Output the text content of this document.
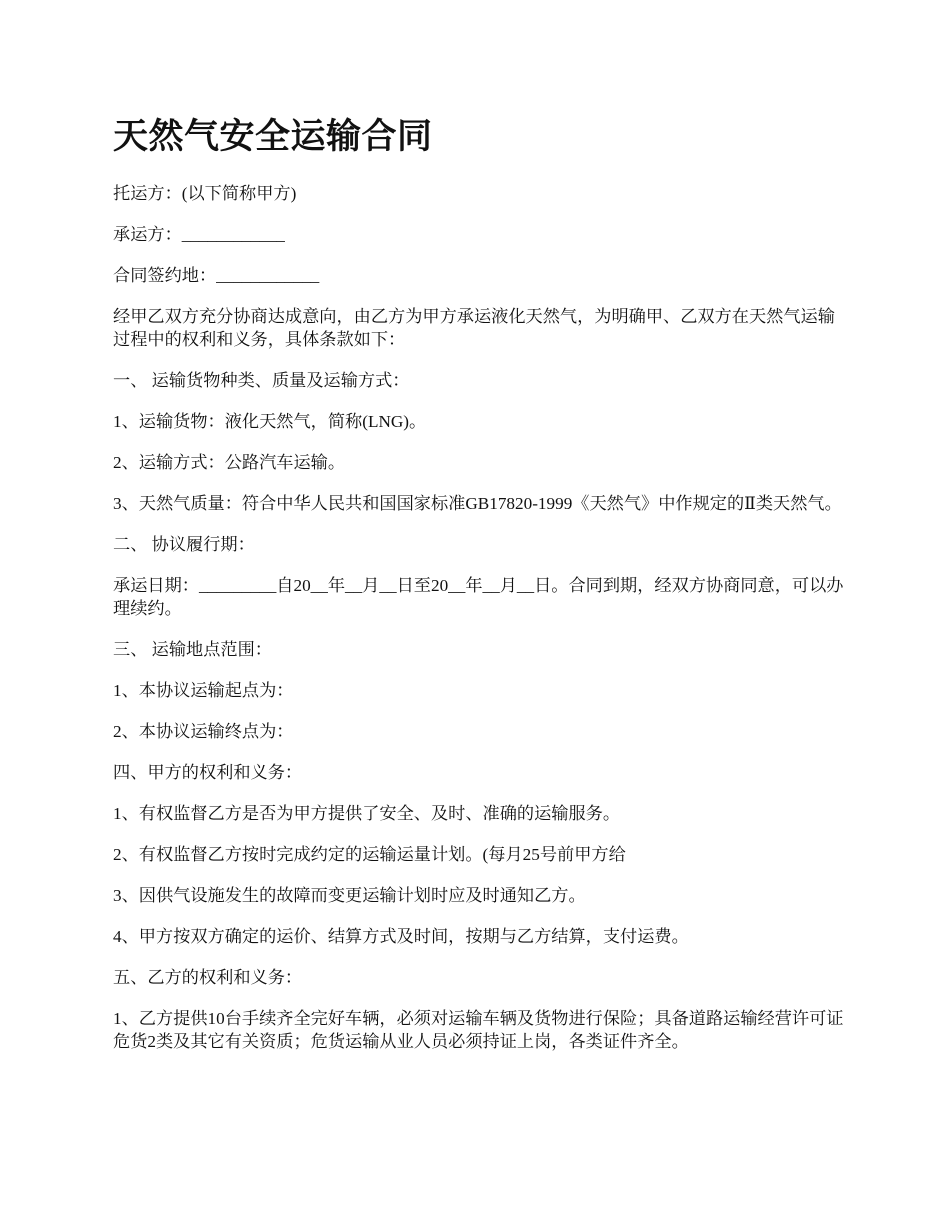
天然气安全运输合同

托运方：(以下简称甲方)

承运方：____________

合同签约地：____________

经甲乙双方充分协商达成意向，由乙方为甲方承运液化天然气，为明确甲、乙双方在天然气运输过程中的权利和义务，具体条款如下：

一、 运输货物种类、质量及运输方式：

1、运输货物：液化天然气，简称(LNG)。

2、运输方式：公路汽车运输。

3、天然气质量：符合中华人民共和国国家标准GB17820-1999《天然气》中作规定的Ⅱ类天然气。

二、 协议履行期：

承运日期：_________自20__年__月__日至20__年__月__日。合同到期，经双方协商同意，可以办理续约。

三、 运输地点范围：

1、本协议运输起点为：

2、本协议运输终点为：

四、甲方的权利和义务：

1、有权监督乙方是否为甲方提供了安全、及时、准确的运输服务。

2、有权监督乙方按时完成约定的运输运量计划。(每月25号前甲方给

3、因供气设施发生的故障而变更运输计划时应及时通知乙方。

4、甲方按双方确定的运价、结算方式及时间，按期与乙方结算，支付运费。

五、乙方的权利和义务：

1、乙方提供10台手续齐全完好车辆，必须对运输车辆及货物进行保险；具备道路运输经营许可证危货2类及其它有关资质；危货运输从业人员必须持证上岗，各类证件齐全。
